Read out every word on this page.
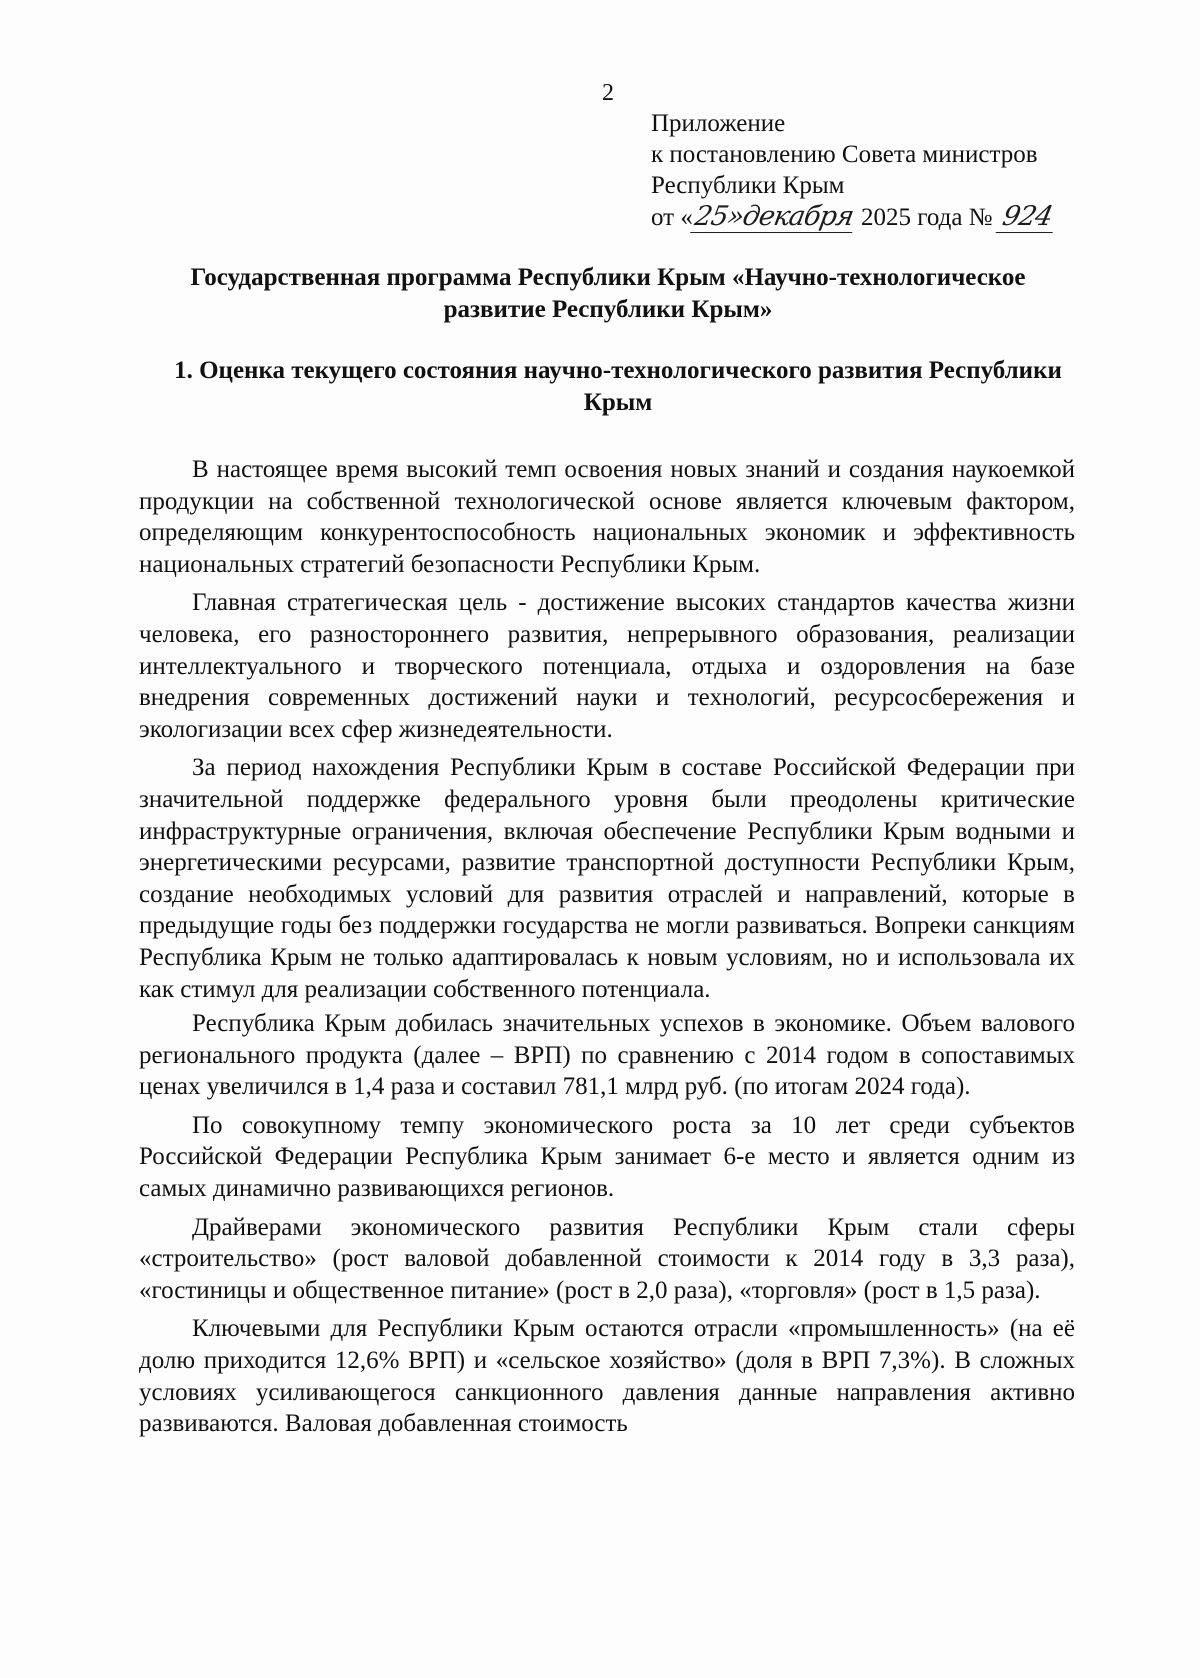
2
Приложение
к постановлению Совета министров
Республики Крым
от «25»декабря 2025 года № 924
Государственная программа Республики Крым «Научно-технологическое развитие Республики Крым»
1. Оценка текущего состояния научно-технологического развития Республики Крым

В настоящее время высокий темп освоения новых знаний и создания наукоемкой продукции на собственной технологической основе является ключевым фактором, определяющим конкурентоспособность национальных экономик и эффективность национальных стратегий безопасности Республики Крым.

Главная стратегическая цель - достижение высоких стандартов качества жизни человека, его разностороннего развития, непрерывного образования, реализации интеллектуального и творческого потенциала, отдыха и оздоровления на базе внедрения современных достижений науки и технологий, ресурсосбережения и экологизации всех сфер жизнедеятельности.

За период нахождения Республики Крым в составе Российской Федерации при значительной поддержке федерального уровня были преодолены критические инфраструктурные ограничения, включая обеспечение Республики Крым водными и энергетическими ресурсами, развитие транспортной доступности Республики Крым, создание необходимых условий для развития отраслей и направлений, которые в предыдущие годы без поддержки государства не могли развиваться. Вопреки санкциям Республика Крым не только адаптировалась к новым условиям, но и использовала их как стимул для реализации собственного потенциала.

Республика Крым добилась значительных успехов в экономике. Объем валового регионального продукта (далее – ВРП) по сравнению с 2014 годом в сопоставимых ценах увеличился в 1,4 раза и составил 781,1 млрд руб. (по итогам 2024 года).

По совокупному темпу экономического роста за 10 лет среди субъектов Российской Федерации Республика Крым занимает 6-е место и является одним из самых динамично развивающихся регионов.

Драйверами экономического развития Республики Крым стали сферы «строительство» (рост валовой добавленной стоимости к 2014 году в 3,3 раза), «гостиницы и общественное питание» (рост в 2,0 раза), «торговля» (рост в 1,5 раза).

Ключевыми для Республики Крым остаются отрасли «промышленность» (на её долю приходится 12,6% ВРП) и «сельское хозяйство» (доля в ВРП 7,3%). В сложных условиях усиливающегося санкционного давления данные направления активно развиваются. Валовая добавленная стоимость
